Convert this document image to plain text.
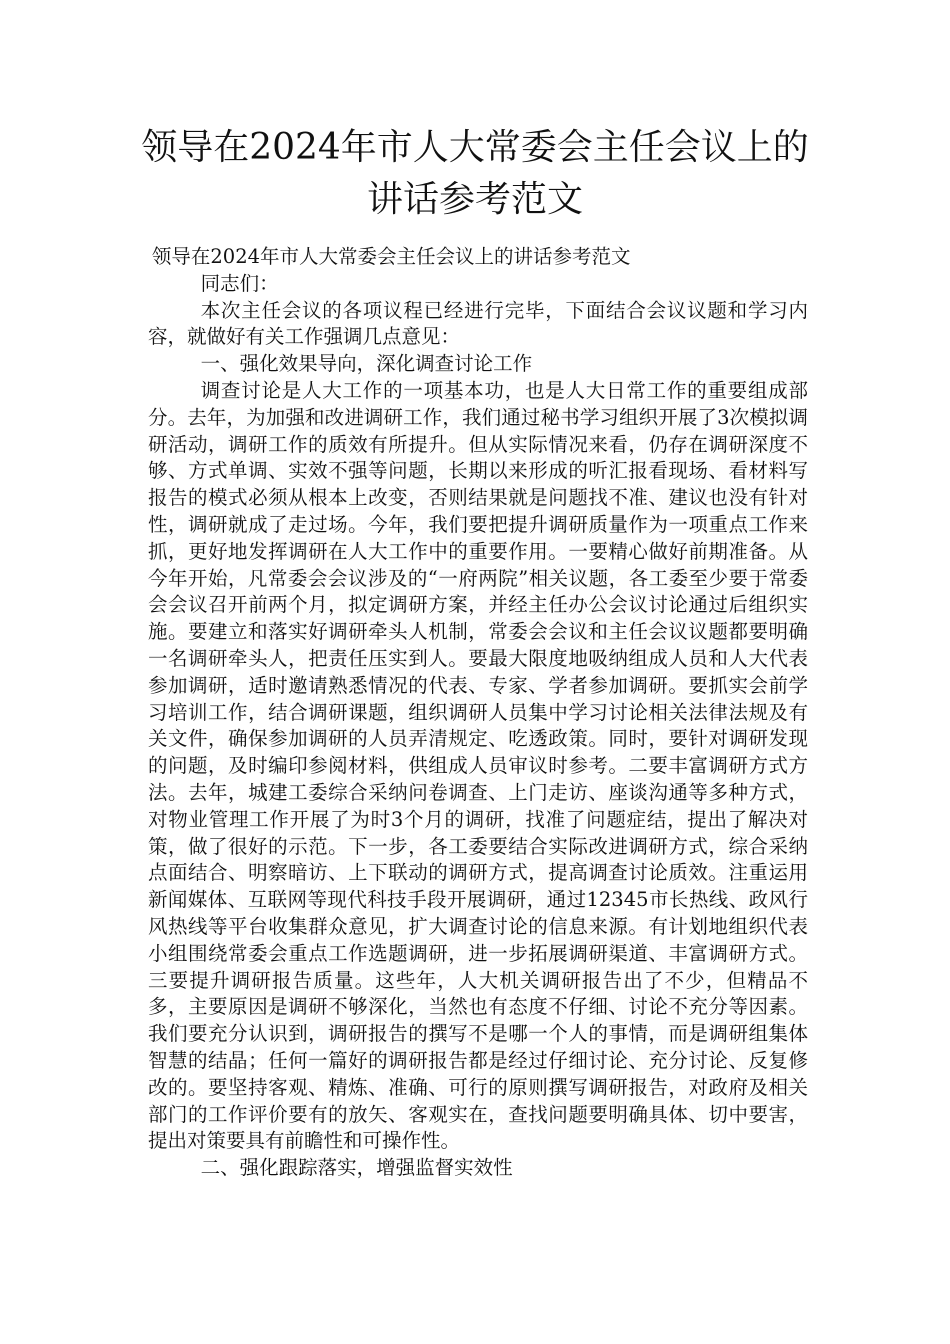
领导在2024年市人大常委会主任会议上的
讲话参考范文

领导在2024年市人大常委会主任会议上的讲话参考范文

同志们：

本次主任会议的各项议程已经进行完毕，下面结合会议议题和学习内容，就做好有关工作强调几点意见：

一、强化效果导向，深化调查讨论工作

调查讨论是人大工作的一项基本功，也是人大日常工作的重要组成部分。去年，为加强和改进调研工作，我们通过秘书学习组织开展了3次模拟调研活动，调研工作的质效有所提升。但从实际情况来看，仍存在调研深度不够、方式单调、实效不强等问题，长期以来形成的听汇报看现场、看材料写报告的模式必须从根本上改变，否则结果就是问题找不准、建议也没有针对性，调研就成了走过场。今年，我们要把提升调研质量作为一项重点工作来抓，更好地发挥调研在人大工作中的重要作用。一要精心做好前期准备。从今年开始，凡常委会会议涉及的“一府两院”相关议题，各工委至少要于常委会会议召开前两个月，拟定调研方案，并经主任办公会议讨论通过后组织实施。要建立和落实好调研牵头人机制，常委会会议和主任会议议题都要明确一名调研牵头人，把责任压实到人。要最大限度地吸纳组成人员和人大代表参加调研，适时邀请熟悉情况的代表、专家、学者参加调研。要抓实会前学习培训工作，结合调研课题，组织调研人员集中学习讨论相关法律法规及有关文件，确保参加调研的人员弄清规定、吃透政策。同时，要针对调研发现的问题，及时编印参阅材料，供组成人员审议时参考。二要丰富调研方式方法。去年，城建工委综合采纳问卷调查、上门走访、座谈沟通等多种方式，对物业管理工作开展了为时3个月的调研，找准了问题症结，提出了解决对策，做了很好的示范。下一步，各工委要结合实际改进调研方式，综合采纳点面结合、明察暗访、上下联动的调研方式，提高调查讨论质效。注重运用新闻媒体、互联网等现代科技手段开展调研，通过12345市长热线、政风行风热线等平台收集群众意见，扩大调查讨论的信息来源。有计划地组织代表小组围绕常委会重点工作选题调研，进一步拓展调研渠道、丰富调研方式。三要提升调研报告质量。这些年，人大机关调研报告出了不少，但精品不多，主要原因是调研不够深化，当然也有态度不仔细、讨论不充分等因素。我们要充分认识到，调研报告的撰写不是哪一个人的事情，而是调研组集体智慧的结晶；任何一篇好的调研报告都是经过仔细讨论、充分讨论、反复修改的。要坚持客观、精炼、准确、可行的原则撰写调研报告，对政府及相关部门的工作评价要有的放矢、客观实在，查找问题要明确具体、切中要害，提出对策要具有前瞻性和可操作性。

二、强化跟踪落实，增强监督实效性
